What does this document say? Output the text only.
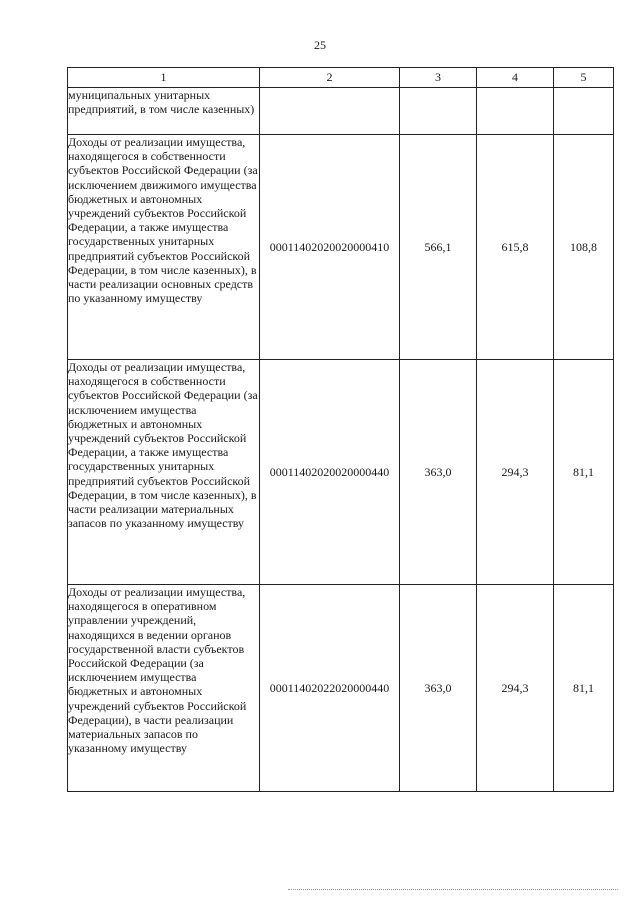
25
1	2	3	4	5
муниципальных унитарных предприятий, в том числе казенных)				
Доходы от реализации имущества, находящегося в собственности субъектов Российской Федерации (за исключением движимого имущества бюджетных и автономных учреждений субъектов Российской Федерации, а также имущества государственных унитарных предприятий субъектов Российской Федерации, в том числе казенных), в части реализации основных средств по указанному имуществу	00011402020020000410	566,1	615,8	108,8
Доходы от реализации имущества, находящегося в собственности субъектов Российской Федерации (за исключением имущества бюджетных и автономных учреждений субъектов Российской Федерации, а также имущества государственных унитарных предприятий субъектов Российской Федерации, в том числе казенных), в части реализации материальных запасов по указанному имуществу	00011402020020000440	363,0	294,3	81,1
Доходы от реализации имущества, находящегося в оперативном управлении учреждений, находящихся в ведении органов государственной власти субъектов Российской Федерации (за исключением имущества бюджетных и автономных учреждений субъектов Российской Федерации), в части реализации материальных запасов по указанному имуществу	00011402022020000440	363,0	294,3	81,1
